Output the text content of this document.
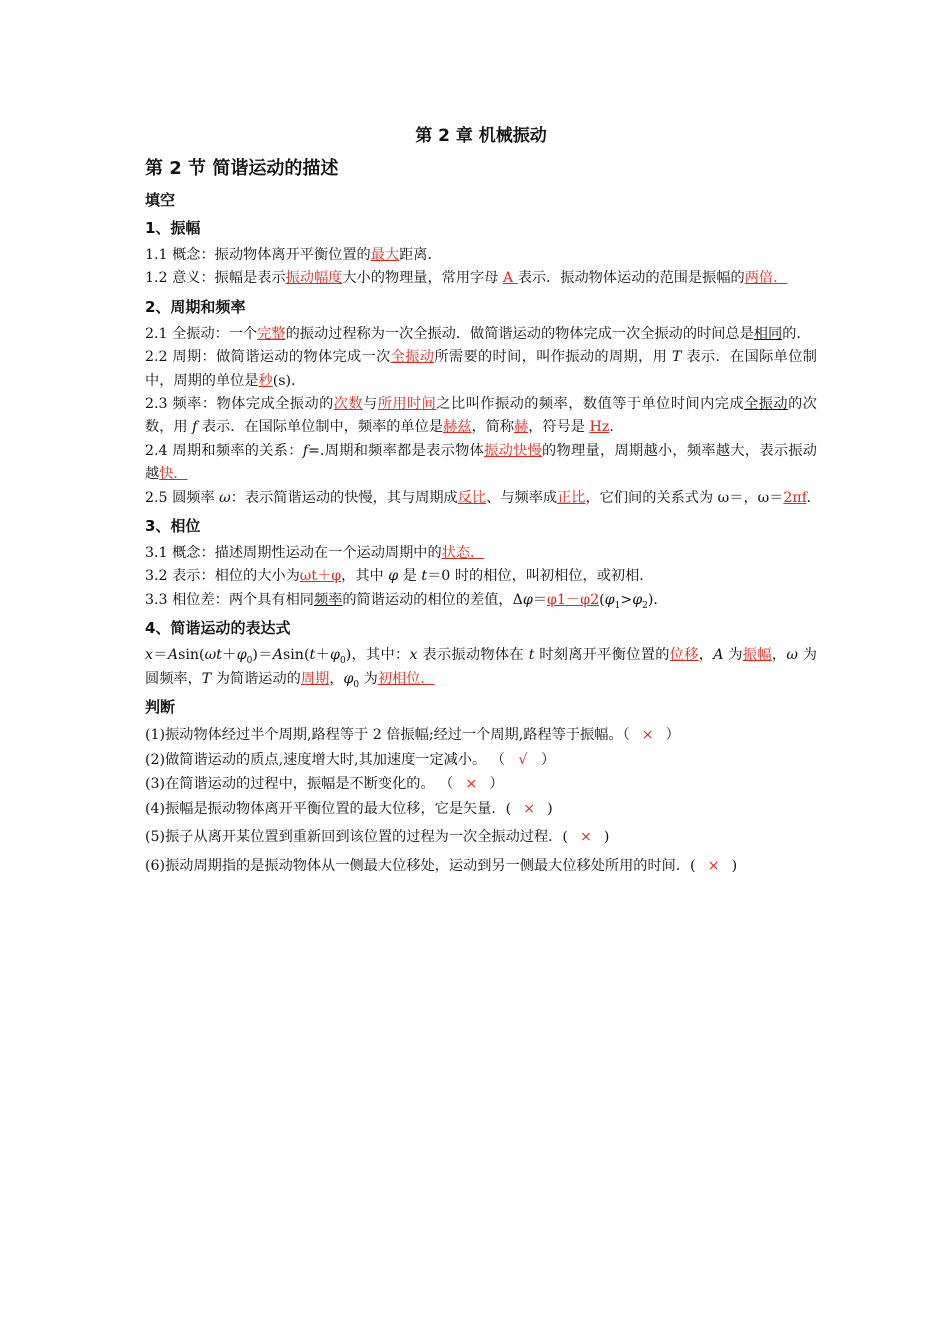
第 2 章 机械振动

第 2 节 简谐运动的描述

填空

1、振幅

1.1 概念：振动物体离开平衡位置的最大距离．

1.2 意义：振幅是表示振动幅度大小的物理量，常用字母 A 表示．振动物体运动的范围是振幅的两倍．

2、周期和频率

2.1 全振动：一个完整的振动过程称为一次全振动．做简谐运动的物体完成一次全振动的时间总是相同的．

2.2 周期：做简谐运动的物体完成一次全振动所需要的时间，叫作振动的周期，用 T 表示．在国际单位制中，周期的单位是秒(s)．

2.3 频率：物体完成全振动的次数与所用时间之比叫作振动的频率，数值等于单位时间内完成全振动的次数，用 f 表示．在国际单位制中，频率的单位是赫兹，简称赫，符号是 Hz.

2.4 周期和频率的关系：f=.周期和频率都是表示物体振动快慢的物理量，周期越小，频率越大，表示振动越快．

2.5 圆频率 ω：表示简谐运动的快慢，其与周期成反比、与频率成正比，它们间的关系式为 ω＝，ω＝2πf.

3、相位

3.1 概念：描述周期性运动在一个运动周期中的状态．

3.2 表示：相位的大小为ωt＋φ，其中 φ 是 t＝0 时的相位，叫初相位，或初相．

3.3 相位差：两个具有相同频率的简谐运动的相位的差值，$\Delta\varphi=\varphi 1-\varphi 2(\varphi_1>\varphi_2)$．

4、简谐运动的表达式

$x=Asin(\omega t+\varphi_0)=Asin(t+\varphi_0)$，其中：x 表示振动物体在 t 时刻离开平衡位置的位移，A 为振幅，ω 为圆频率，T 为简谐运动的周期，$\varphi_0$ 为初相位．

判断

(1)振动物体经过半个周期,路程等于 2 倍振幅;经过一个周期,路程等于振幅。（ × ）

(2)做简谐运动的质点,速度增大时,其加速度一定减小。 （ √ ）

(3)在简谐运动的过程中，振幅是不断变化的。 （ × ）

(4)振幅是振动物体离开平衡位置的最大位移，它是矢量．( × )

(5)振子从离开某位置到重新回到该位置的过程为一次全振动过程．( × )

(6)振动周期指的是振动物体从一侧最大位移处，运动到另一侧最大位移处所用的时间．( × )
